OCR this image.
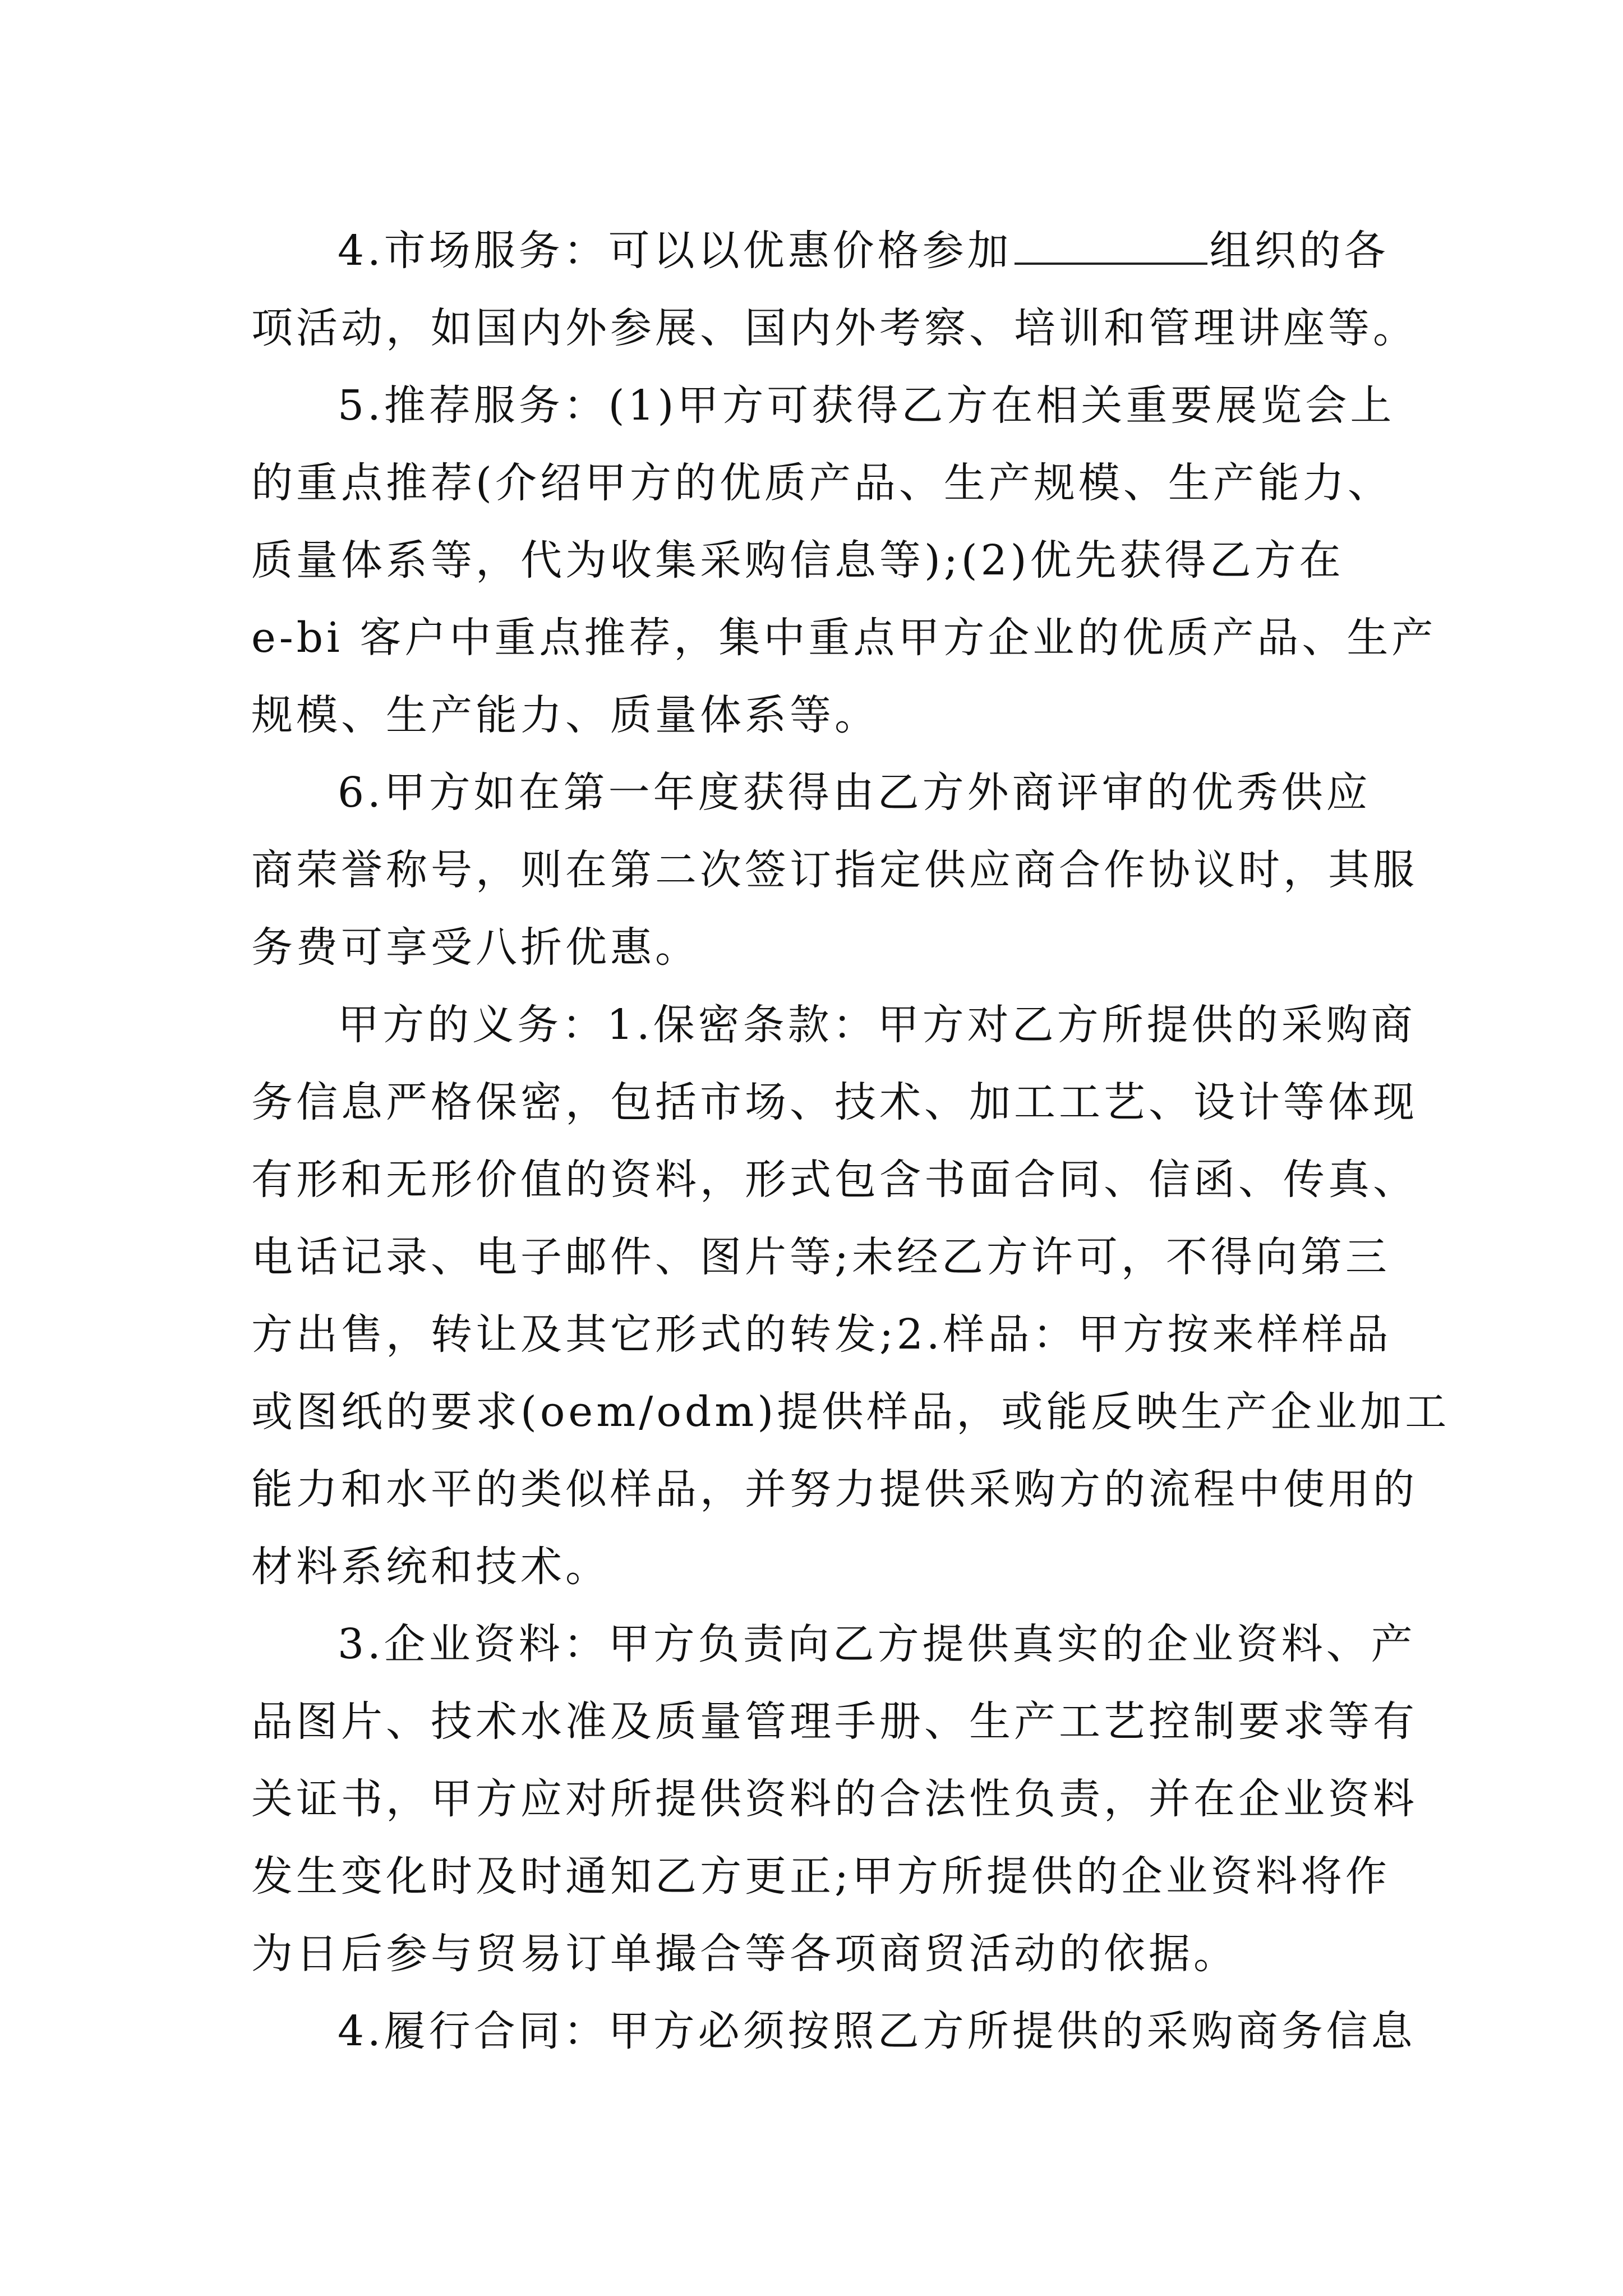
4.市场服务：可以以优惠价格参加	组织的各
项活动，如国内外参展、国内外考察、培训和管理讲座等。
5.推荐服务：(1)甲方可获得乙方在相关重要展览会上
的重点推荐(介绍甲方的优质产品、生产规模、生产能力、
质量体系等，代为收集采购信息等);(2)优先获得乙方在
e-bi 客户中重点推荐，集中重点甲方企业的优质产品、生产
规模、生产能力、质量体系等。
6.甲方如在第一年度获得由乙方外商评审的优秀供应
商荣誉称号，则在第二次签订指定供应商合作协议时，其服
务费可享受八折优惠。
甲方的义务：1.保密条款：甲方对乙方所提供的采购商
务信息严格保密，包括市场、技术、加工工艺、设计等体现
有形和无形价值的资料，形式包含书面合同、信函、传真、
电话记录、电子邮件、图片等;未经乙方许可，不得向第三
方出售，转让及其它形式的转发;2.样品：甲方按来样样品
或图纸的要求(oem/odm)提供样品，或能反映生产企业加工
能力和水平的类似样品，并努力提供采购方的流程中使用的
材料系统和技术。
3.企业资料：甲方负责向乙方提供真实的企业资料、产
品图片、技术水准及质量管理手册、生产工艺控制要求等有
关证书，甲方应对所提供资料的合法性负责，并在企业资料
发生变化时及时通知乙方更正;甲方所提供的企业资料将作
为日后参与贸易订单撮合等各项商贸活动的依据。
4.履行合同：甲方必须按照乙方所提供的采购商务信息
